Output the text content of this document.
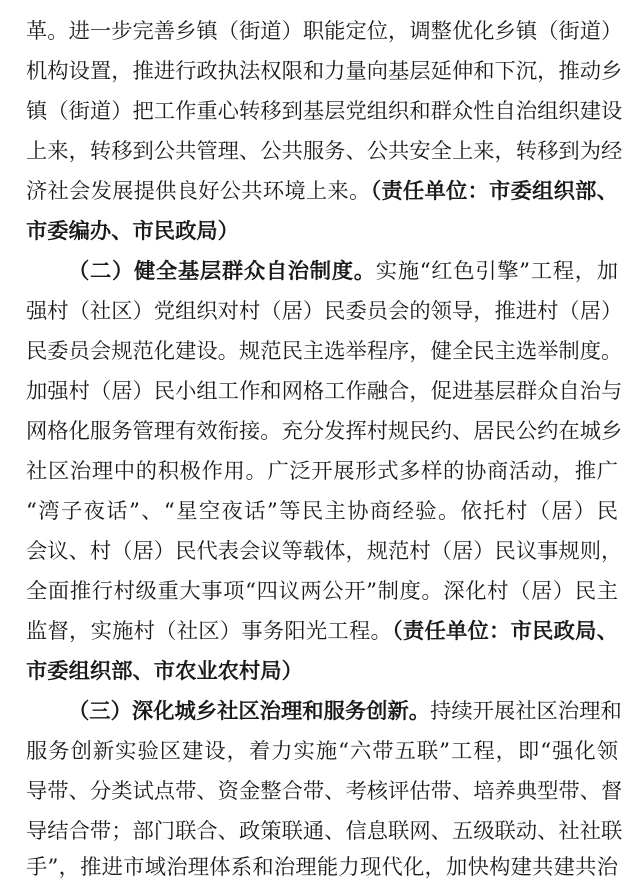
革。进一步完善乡镇（街道）职能定位，调整优化乡镇（街道）
机构设置，推进行政执法权限和力量向基层延伸和下沉，推动乡
镇（街道）把工作重心转移到基层党组织和群众性自治组织建设
上来，转移到公共管理、公共服务、公共安全上来，转移到为经
济社会发展提供良好公共环境上来。（责任单位：市委组织部、
市委编办、市民政局）
（二）健全基层群众自治制度。实施“红色引擎”工程，加
强村（社区）党组织对村（居）民委员会的领导，推进村（居）
民委员会规范化建设。规范民主选举程序，健全民主选举制度。
加强村（居）民小组工作和网格工作融合，促进基层群众自治与
网格化服务管理有效衔接。充分发挥村规民约、居民公约在城乡
社区治理中的积极作用。广泛开展形式多样的协商活动，推广
“湾子夜话”、“星空夜话”等民主协商经验。依托村（居）民
会议、村（居）民代表会议等载体，规范村（居）民议事规则，
全面推行村级重大事项“四议两公开”制度。深化村（居）民主
监督，实施村（社区）事务阳光工程。（责任单位：市民政局、
市委组织部、市农业农村局）
（三）深化城乡社区治理和服务创新。持续开展社区治理和
服务创新实验区建设，着力实施“六带五联”工程，即“强化领
导带、分类试点带、资金整合带、考核评估带、培养典型带、督
导结合带；部门联合、政策联通、信息联网、五级联动、社社联
手”，推进市域治理体系和治理能力现代化，加快构建共建共治
